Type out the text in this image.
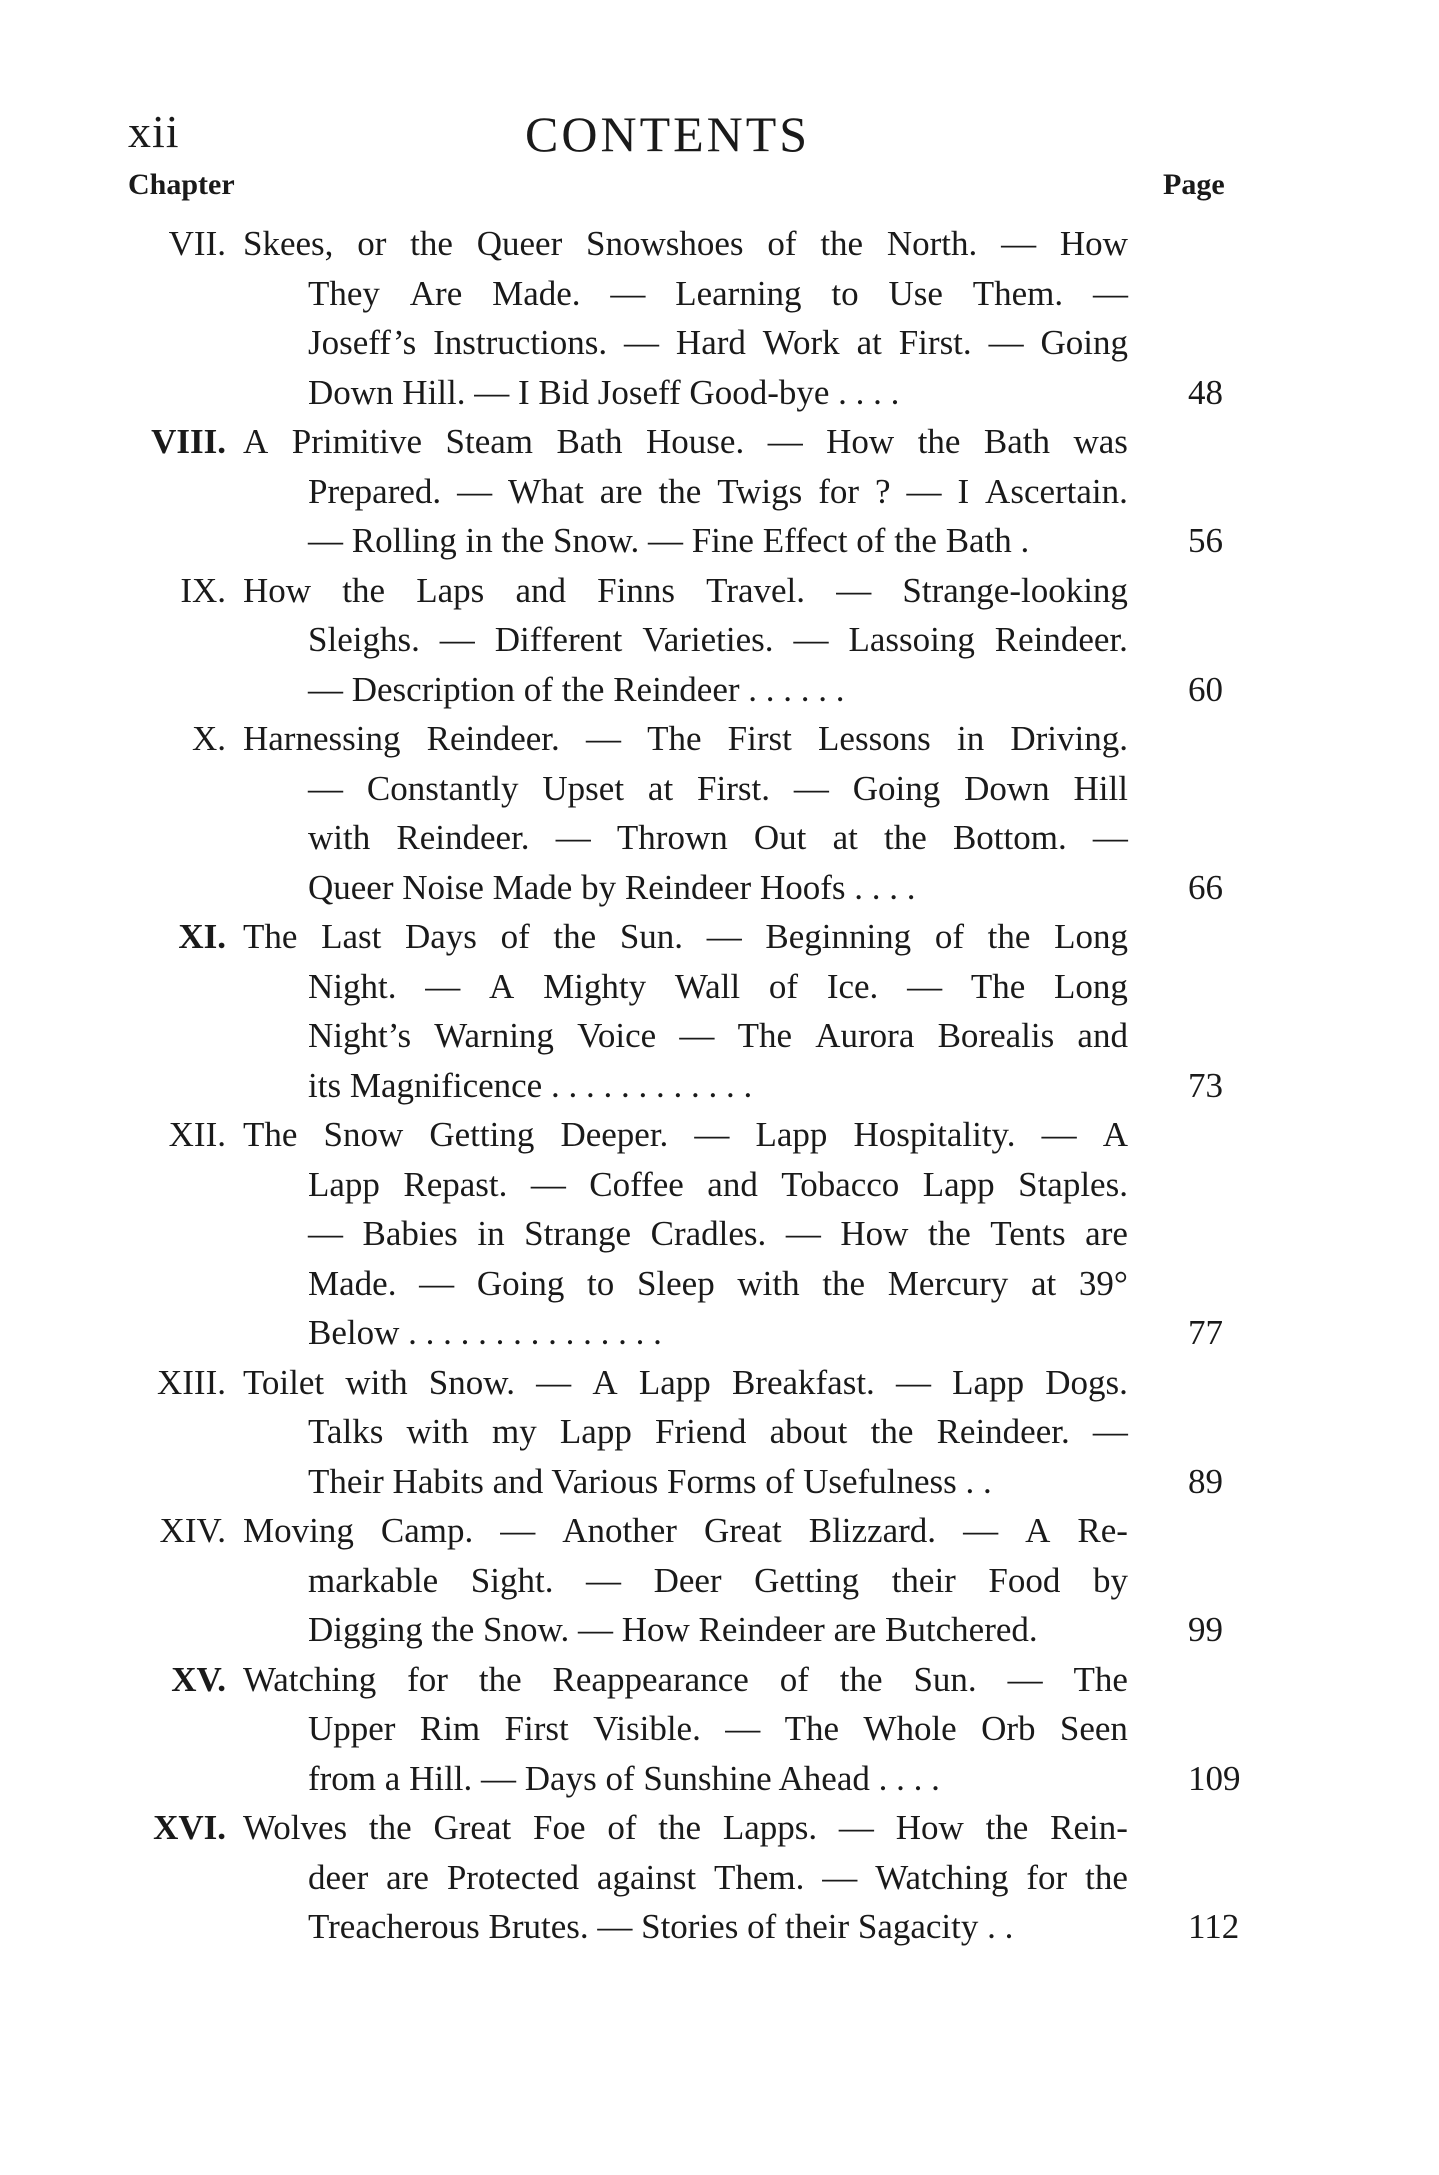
xii	CONTENTS
Chapter	Page
VII. Skees, or the Queer Snowshoes of the North. — How
They Are Made. — Learning to Use Them. —
Joseff’s Instructions. — Hard Work at First. — Going
Down Hill. — I Bid Joseff Good-bye . . . .	48
VIII. A Primitive Steam Bath House. — How the Bath was
Prepared. — What are the Twigs for ? — I Ascertain.
— Rolling in the Snow. — Fine Effect of the Bath .	56
IX. How the Laps and Finns Travel. — Strange-looking
Sleighs. — Different Varieties. — Lassoing Reindeer.
— Description of the Reindeer . . . . . .	60
X. Harnessing Reindeer. — The First Lessons in Driving.
— Constantly Upset at First. — Going Down Hill
with Reindeer. — Thrown Out at the Bottom. —
Queer Noise Made by Reindeer Hoofs . . . .	66
XI. The Last Days of the Sun. — Beginning of the Long
Night. — A Mighty Wall of Ice. — The Long
Night’s Warning Voice — The Aurora Borealis and
its Magnificence . . . . . . . . . . . .	73
XII. The Snow Getting Deeper. — Lapp Hospitality. — A
Lapp Repast. — Coffee and Tobacco Lapp Staples.
— Babies in Strange Cradles. — How the Tents are
Made. — Going to Sleep with the Mercury at 39°
Below . . . . . . . . . . . . . . .	77
XIII. Toilet with Snow. — A Lapp Breakfast. — Lapp Dogs.
Talks with my Lapp Friend about the Reindeer. —
Their Habits and Various Forms of Usefulness . .	89
XIV. Moving Camp. — Another Great Blizzard. — A Re-
markable Sight. — Deer Getting their Food by
Digging the Snow. — How Reindeer are Butchered.	99
XV. Watching for the Reappearance of the Sun. — The
Upper Rim First Visible. — The Whole Orb Seen
from a Hill. — Days of Sunshine Ahead . . . .	109
XVI. Wolves the Great Foe of the Lapps. — How the Rein-
deer are Protected against Them. — Watching for the
Treacherous Brutes. — Stories of their Sagacity . .	112
